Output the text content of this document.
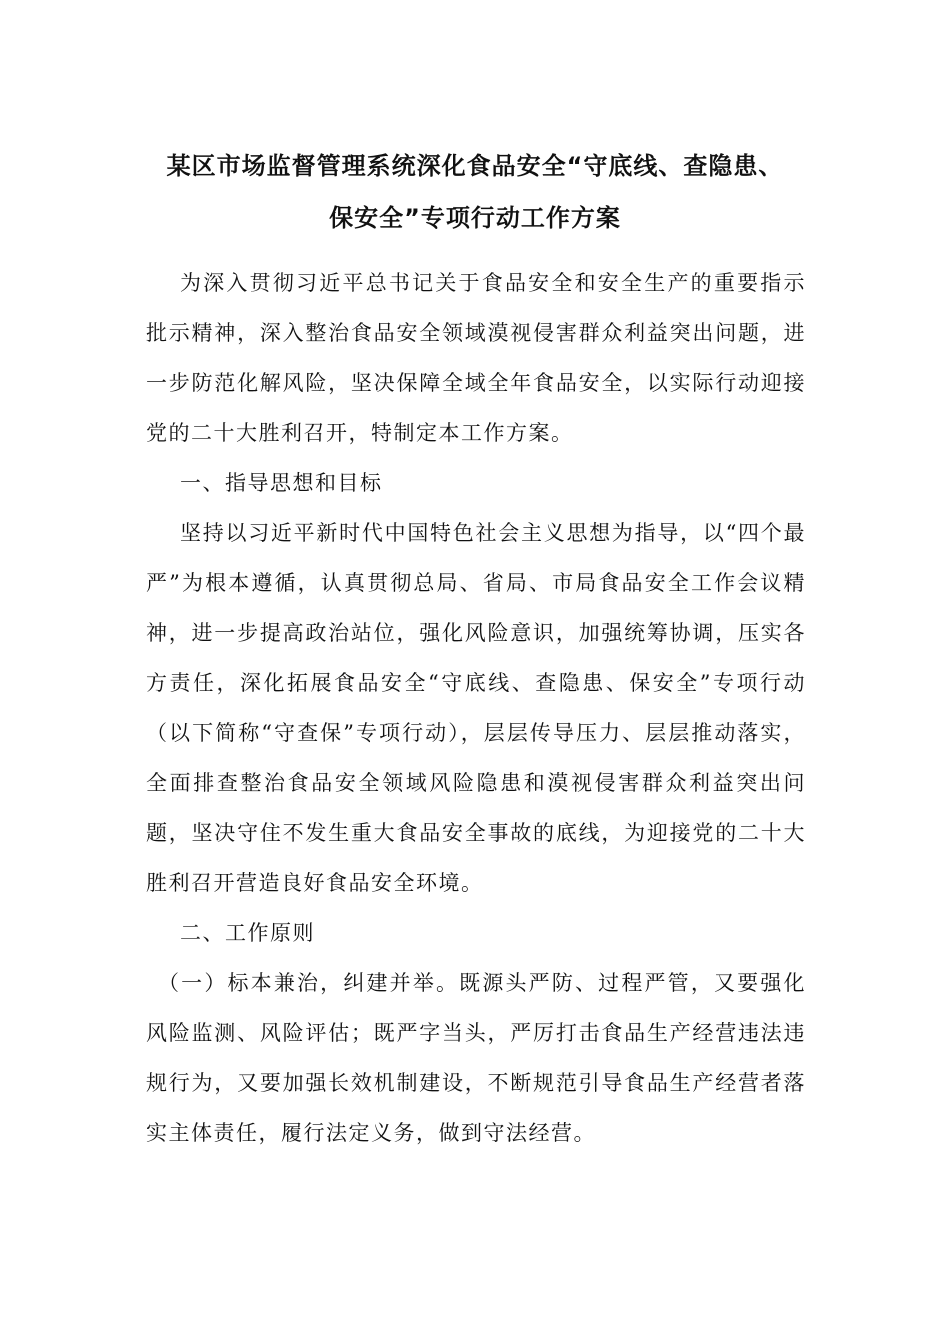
某区市场监督管理系统深化食品安全“守底线、查隐患、
保安全”专项行动工作方案

为深入贯彻习近平总书记关于食品安全和安全生产的重要指示批示精神，深入整治食品安全领域漠视侵害群众利益突出问题，进一步防范化解风险，坚决保障全域全年食品安全，以实际行动迎接党的二十大胜利召开，特制定本工作方案。

一、指导思想和目标

坚持以习近平新时代中国特色社会主义思想为指导，以“四个最严”为根本遵循，认真贯彻总局、省局、市局食品安全工作会议精神，进一步提高政治站位，强化风险意识，加强统筹协调，压实各方责任，深化拓展食品安全“守底线、查隐患、保安全”专项行动（以下简称“守查保”专项行动），层层传导压力、层层推动落实，全面排查整治食品安全领域风险隐患和漠视侵害群众利益突出问题，坚决守住不发生重大食品安全事故的底线，为迎接党的二十大胜利召开营造良好食品安全环境。

二、工作原则

（一）标本兼治，纠建并举。既源头严防、过程严管，又要强化风险监测、风险评估；既严字当头，严厉打击食品生产经营违法违规行为，又要加强长效机制建设，不断规范引导食品生产经营者落实主体责任，履行法定义务，做到守法经营。
